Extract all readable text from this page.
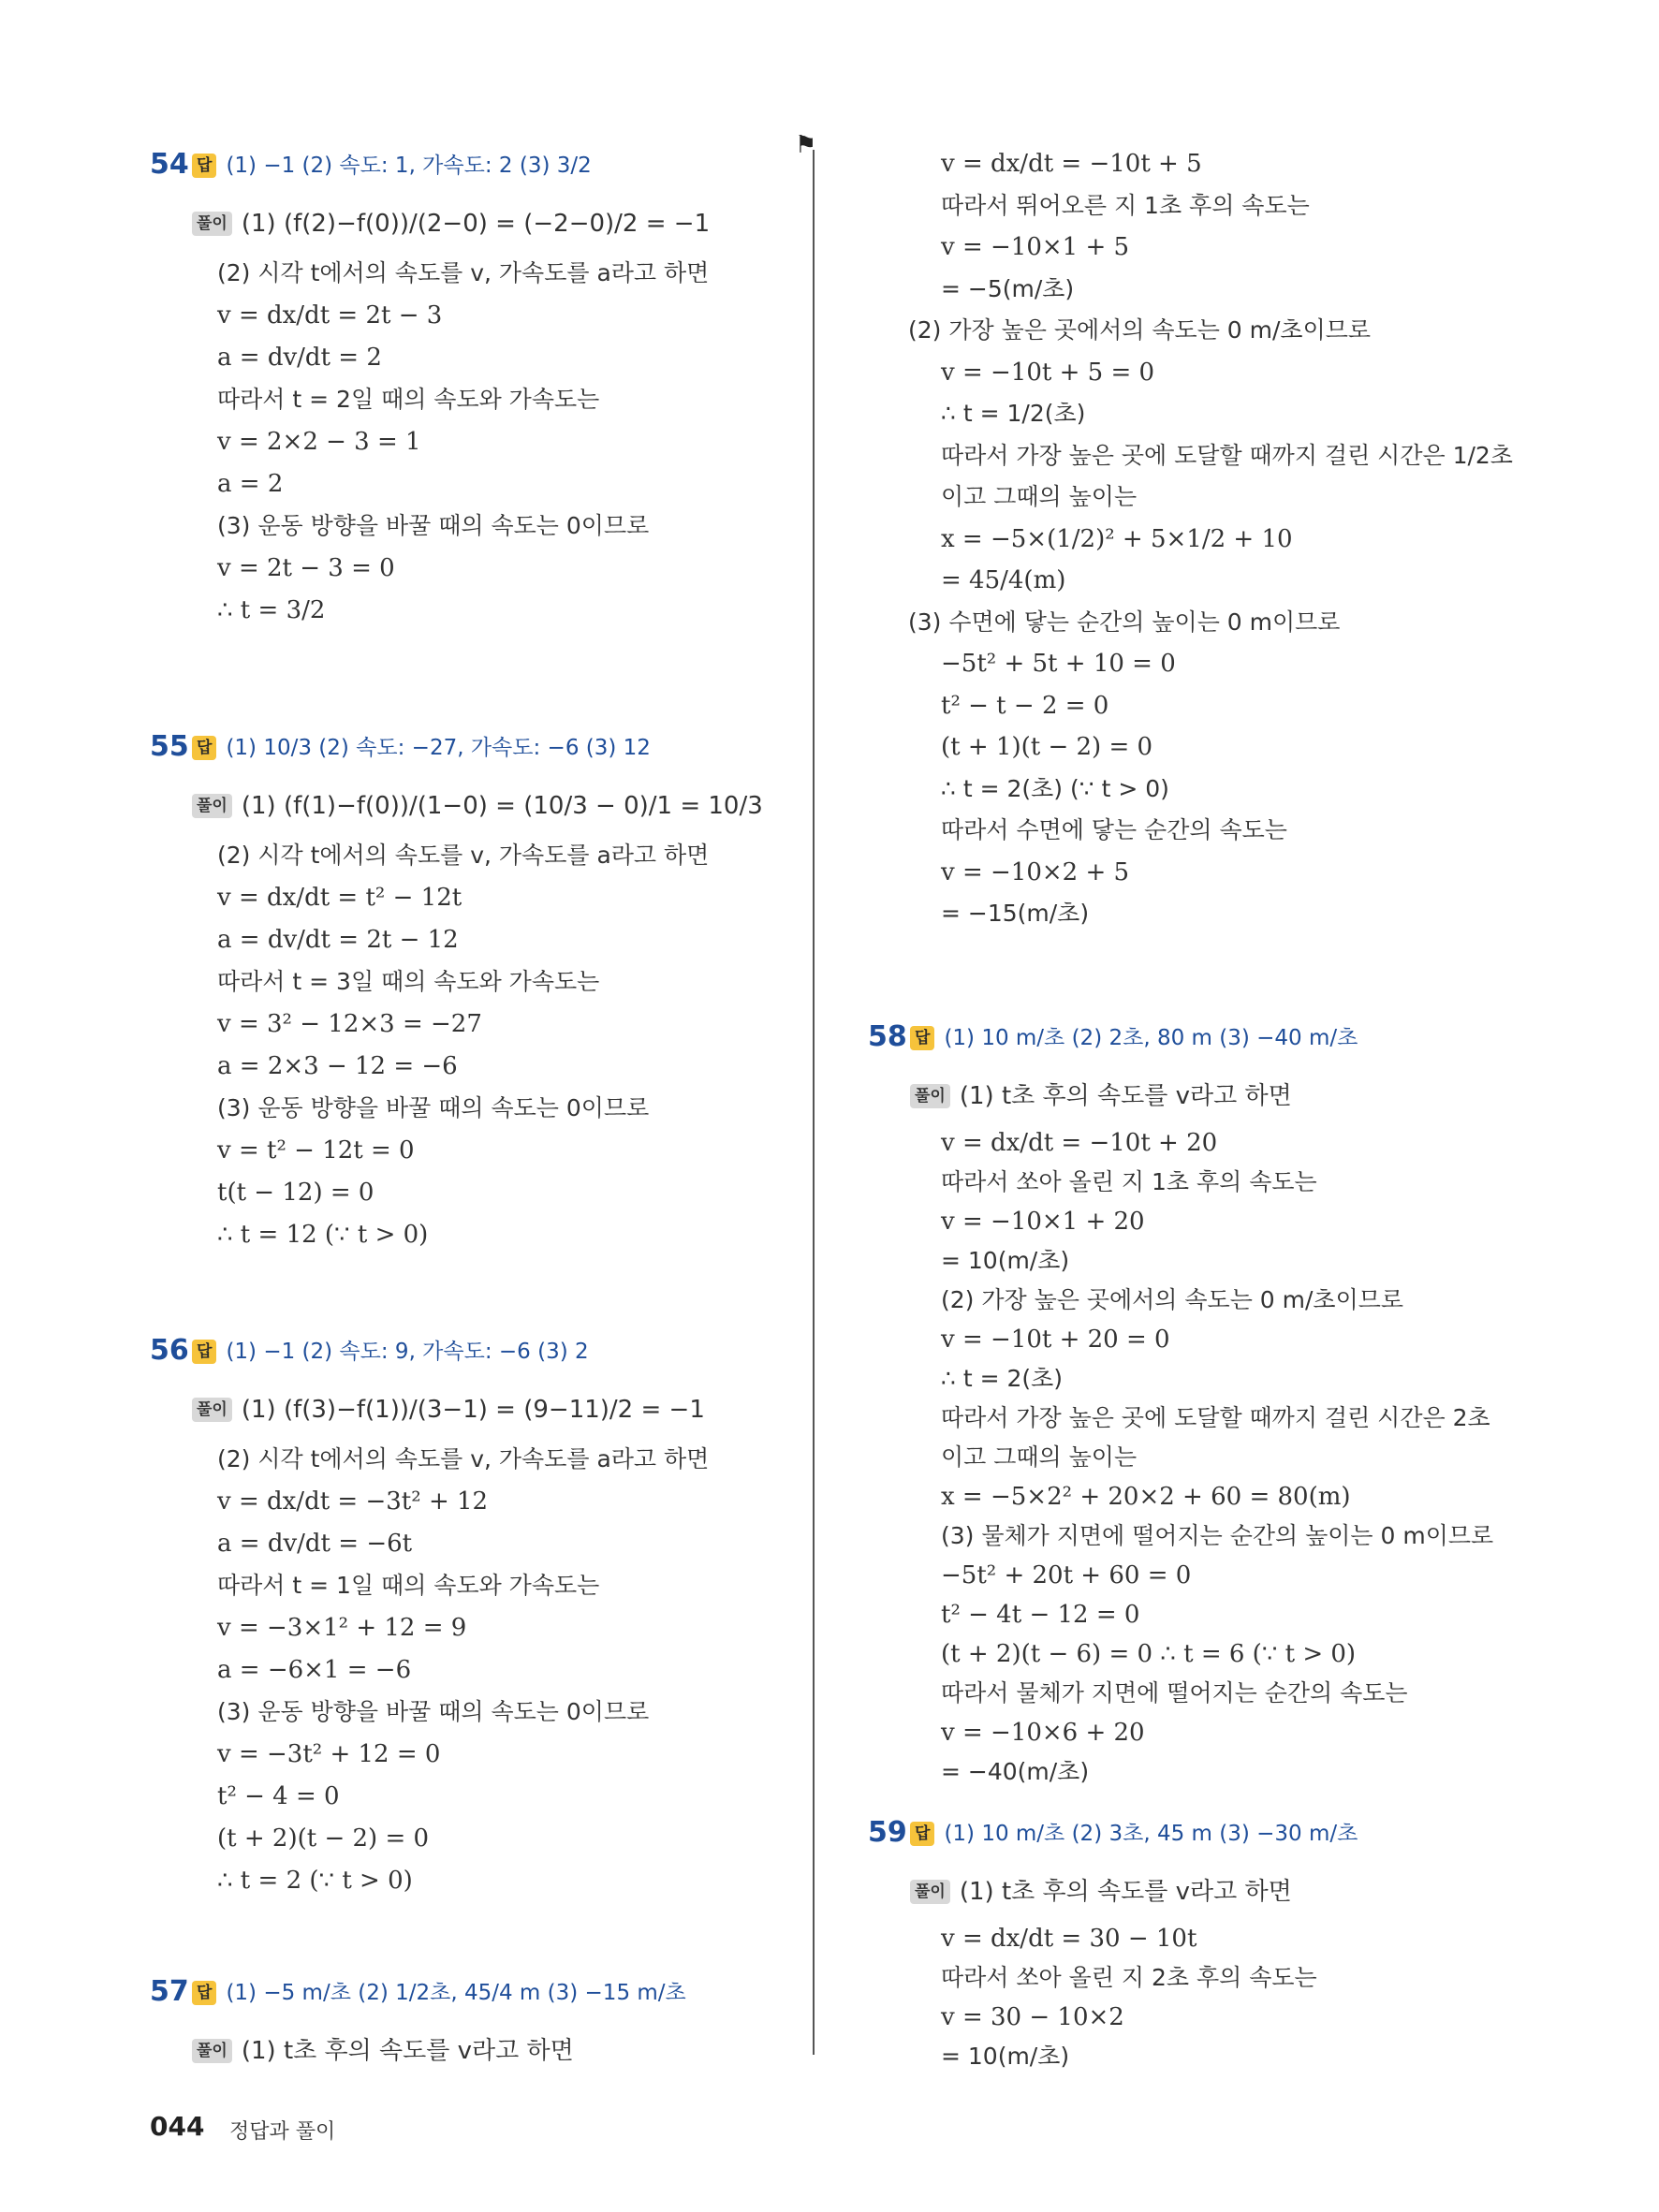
⚑
54 답 (1) −1 (2) 속도: 1, 가속도: 2 (3) 3/2
풀이 (1) (f(2)−f(0))/(2−0) = (−2−0)/2 = −1
(2) 시각 t에서의 속도를 v, 가속도를 a라고 하면
v = dx/dt = 2t − 3
a = dv/dt = 2
따라서 t = 2일 때의 속도와 가속도는
v = 2×2 − 3 = 1
a = 2
(3) 운동 방향을 바꿀 때의 속도는 0이므로
v = 2t − 3 = 0
∴ t = 3/2
55 답 (1) 10/3 (2) 속도: −27, 가속도: −6 (3) 12
풀이 (1) (f(1)−f(0))/(1−0) = (10/3 − 0)/1 = 10/3
(2) 시각 t에서의 속도를 v, 가속도를 a라고 하면
v = dx/dt = t² − 12t
a = dv/dt = 2t − 12
따라서 t = 3일 때의 속도와 가속도는
v = 3² − 12×3 = −27
a = 2×3 − 12 = −6
(3) 운동 방향을 바꿀 때의 속도는 0이므로
v = t² − 12t = 0
t(t − 12) = 0
∴ t = 12 (∵ t > 0)
56 답 (1) −1 (2) 속도: 9, 가속도: −6 (3) 2
풀이 (1) (f(3)−f(1))/(3−1) = (9−11)/2 = −1
(2) 시각 t에서의 속도를 v, 가속도를 a라고 하면
v = dx/dt = −3t² + 12
a = dv/dt = −6t
따라서 t = 1일 때의 속도와 가속도는
v = −3×1² + 12 = 9
a = −6×1 = −6
(3) 운동 방향을 바꿀 때의 속도는 0이므로
v = −3t² + 12 = 0
t² − 4 = 0
(t + 2)(t − 2) = 0
∴ t = 2 (∵ t > 0)
57 답 (1) −5 m/초 (2) 1/2초, 45/4 m (3) −15 m/초
풀이 (1) t초 후의 속도를 v라고 하면
v = dx/dt = −10t + 5
따라서 뛰어오른 지 1초 후의 속도는
v = −10×1 + 5
= −5(m/초)
(2) 가장 높은 곳에서의 속도는 0 m/초이므로
v = −10t + 5 = 0
∴ t = 1/2(초)
따라서 가장 높은 곳에 도달할 때까지 걸린 시간은 1/2초
이고 그때의 높이는
x = −5×(1/2)² + 5×1/2 + 10
= 45/4(m)
(3) 수면에 닿는 순간의 높이는 0 m이므로
−5t² + 5t + 10 = 0
t² − t − 2 = 0
(t + 1)(t − 2) = 0
∴ t = 2(초) (∵ t > 0)
따라서 수면에 닿는 순간의 속도는
v = −10×2 + 5
= −15(m/초)
58 답 (1) 10 m/초 (2) 2초, 80 m (3) −40 m/초
풀이 (1) t초 후의 속도를 v라고 하면
v = dx/dt = −10t + 20
따라서 쏘아 올린 지 1초 후의 속도는
v = −10×1 + 20
= 10(m/초)
(2) 가장 높은 곳에서의 속도는 0 m/초이므로
v = −10t + 20 = 0
∴ t = 2(초)
따라서 가장 높은 곳에 도달할 때까지 걸린 시간은 2초
이고 그때의 높이는
x = −5×2² + 20×2 + 60 = 80(m)
(3) 물체가 지면에 떨어지는 순간의 높이는 0 m이므로
−5t² + 20t + 60 = 0
t² − 4t − 12 = 0
(t + 2)(t − 6) = 0 ∴ t = 6 (∵ t > 0)
따라서 물체가 지면에 떨어지는 순간의 속도는
v = −10×6 + 20
= −40(m/초)
59 답 (1) 10 m/초 (2) 3초, 45 m (3) −30 m/초
풀이 (1) t초 후의 속도를 v라고 하면
v = dx/dt = 30 − 10t
따라서 쏘아 올린 지 2초 후의 속도는
v = 30 − 10×2
= 10(m/초)
044 정답과 풀이
